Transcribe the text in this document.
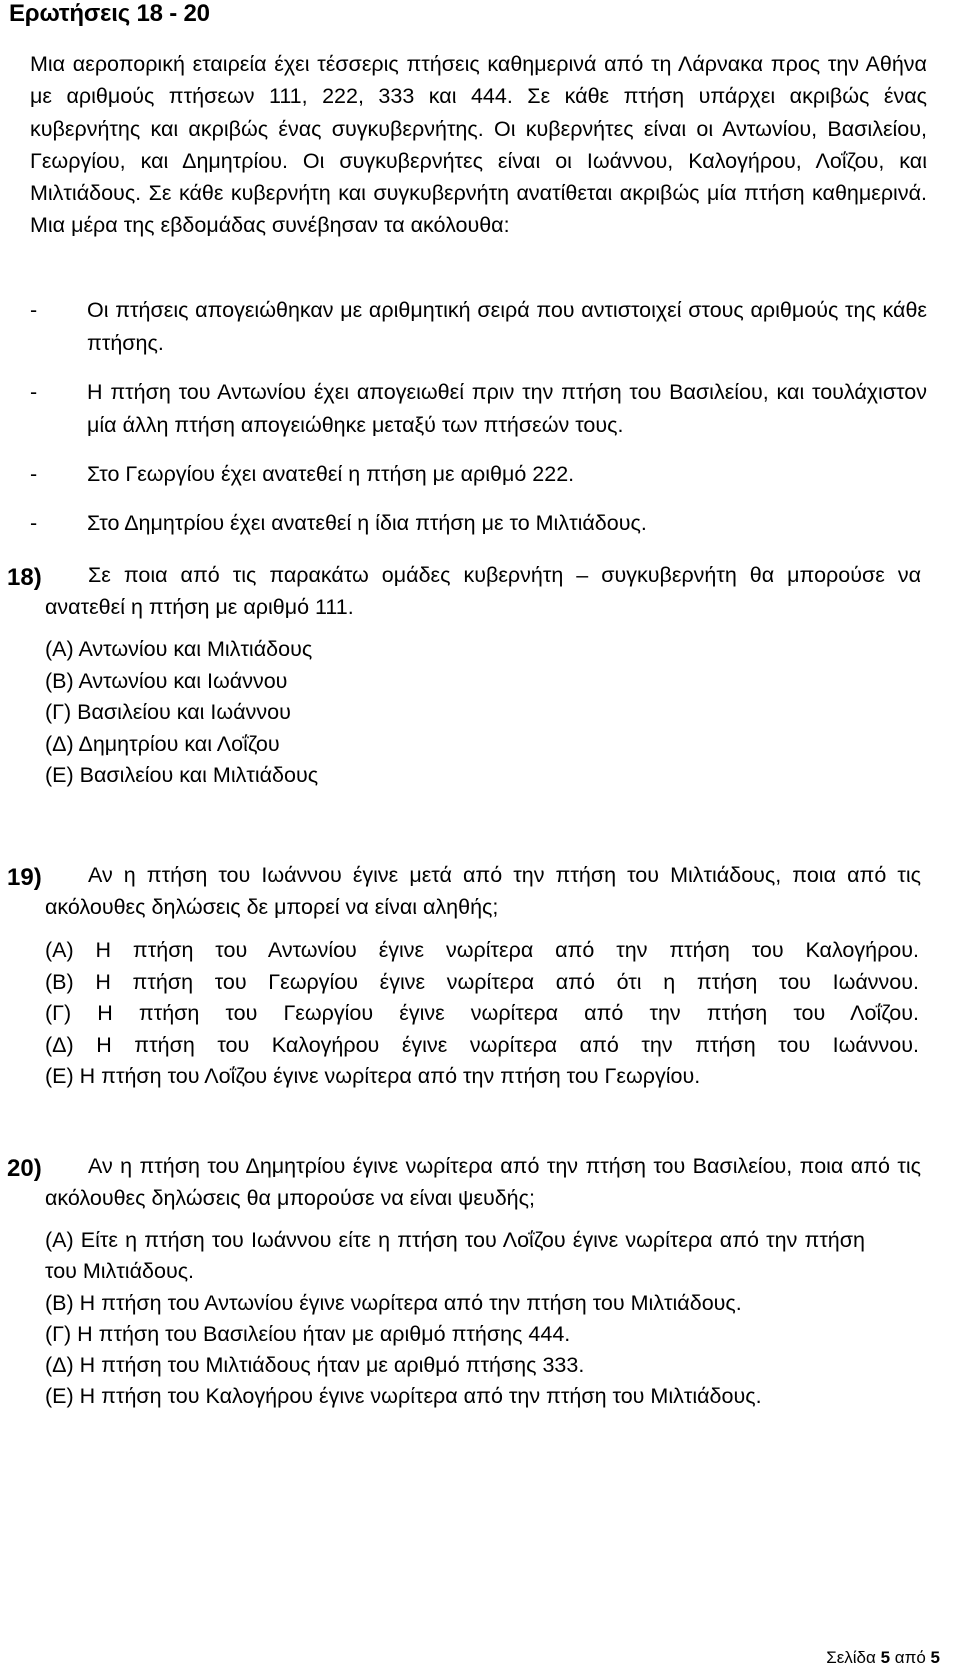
Ερωτήσεις 18 - 20
Μια αεροπορική εταιρεία έχει τέσσερις πτήσεις καθημερινά από τη Λάρνακα προς την Αθήνα με αριθμούς πτήσεων 111, 222, 333 και 444. Σε κάθε πτήση υπάρχει ακριβώς ένας κυβερνήτης και ακριβώς ένας συγκυβερνήτης. Οι κυβερνήτες είναι οι Αντωνίου, Βασιλείου, Γεωργίου, και Δημητρίου. Οι συγκυβερνήτες είναι οι Ιωάννου, Καλογήρου, Λοΐζου, και Μιλτιάδους. Σε κάθε κυβερνήτη και συγκυβερνήτη ανατίθεται ακριβώς μία πτήση καθημερινά. Μια μέρα της εβδομάδας συνέβησαν τα ακόλουθα:
- Οι πτήσεις απογειώθηκαν με αριθμητική σειρά που αντιστοιχεί στους αριθμούς της κάθε πτήσης.
- Η πτήση του Αντωνίου έχει απογειωθεί πριν την πτήση του Βασιλείου, και τουλάχιστον μία άλλη πτήση απογειώθηκε μεταξύ των πτήσεών τους.
- Στο Γεωργίου έχει ανατεθεί η πτήση με αριθμό 222.
- Στο Δημητρίου έχει ανατεθεί η ίδια πτήση με το Μιλτιάδους.
18)	Σε ποια από τις παρακάτω ομάδες κυβερνήτη – συγκυβερνήτη θα μπορούσε να ανατεθεί η πτήση με αριθμό 111.
(Α) Αντωνίου και Μιλτιάδους
(Β) Αντωνίου και Ιωάννου
(Γ) Βασιλείου και Ιωάννου
(Δ) Δημητρίου και Λοΐζου
(Ε) Βασιλείου και Μιλτιάδους
19)	Αν η πτήση του Ιωάννου έγινε μετά από την πτήση του Μιλτιάδους, ποια από τις ακόλουθες δηλώσεις δε μπορεί να είναι αληθής;
(Α) Η πτήση του Αντωνίου έγινε νωρίτερα από την πτήση του Καλογήρου.
(Β) Η πτήση του Γεωργίου έγινε νωρίτερα από ότι η πτήση του Ιωάννου.
(Γ) Η πτήση του Γεωργίου έγινε νωρίτερα από την πτήση του Λοΐζου.
(Δ) Η πτήση του Καλογήρου έγινε νωρίτερα από την πτήση του Ιωάννου.
(Ε) Η πτήση του Λοΐζου έγινε νωρίτερα από την πτήση του Γεωργίου.
20)	Αν η πτήση του Δημητρίου έγινε νωρίτερα από την πτήση του Βασιλείου, ποια από τις ακόλουθες δηλώσεις θα μπορούσε να είναι ψευδής;
(Α) Είτε η πτήση του Ιωάννου είτε η πτήση του Λοΐζου έγινε νωρίτερα από την πτήση του Μιλτιάδους.
(Β) Η πτήση του Αντωνίου έγινε νωρίτερα από την πτήση του Μιλτιάδους.
(Γ) Η πτήση του Βασιλείου ήταν με αριθμό πτήσης 444.
(Δ) Η πτήση του Μιλτιάδους ήταν με αριθμό πτήσης 333.
(Ε) Η πτήση του Καλογήρου έγινε νωρίτερα από την πτήση του Μιλτιάδους.
Σελίδα 5 από 5
